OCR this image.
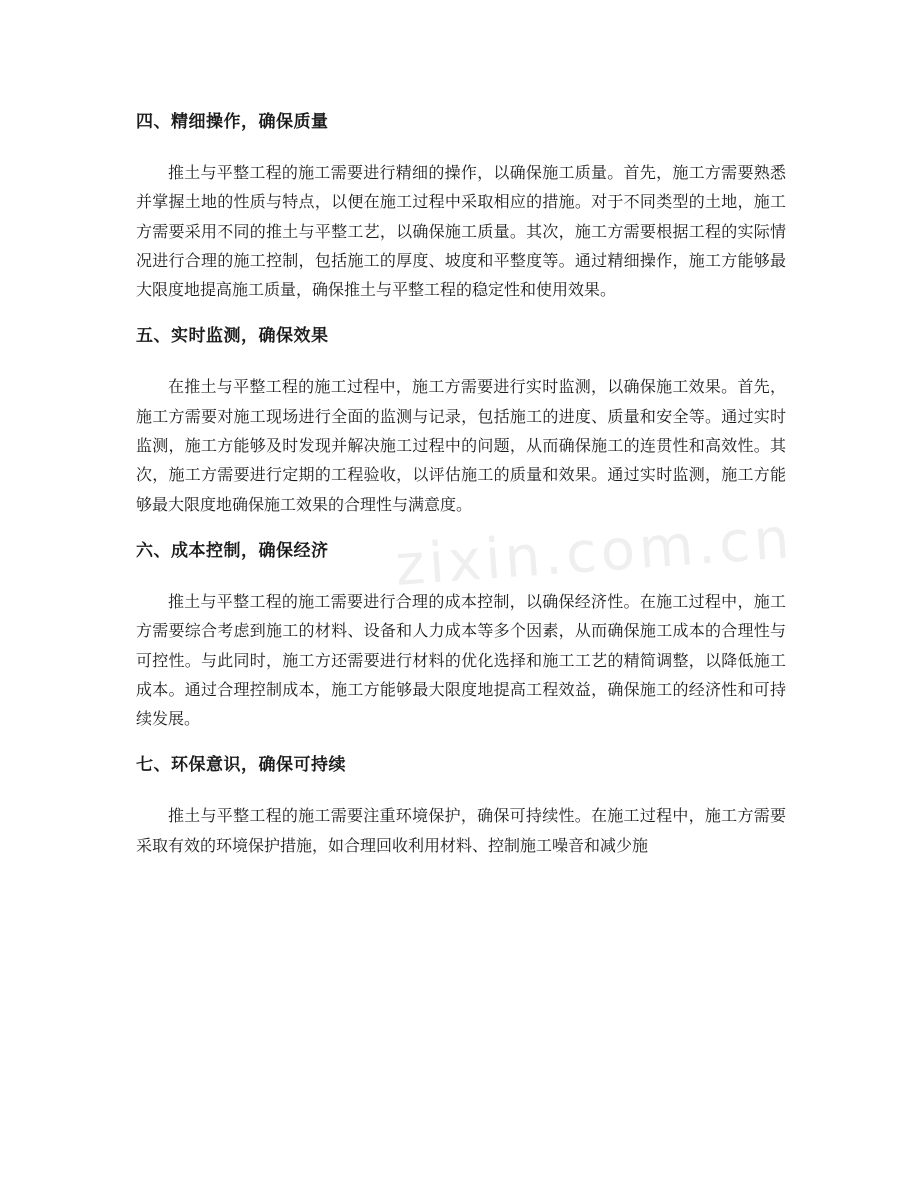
四、精细操作，确保质量

推土与平整工程的施工需要进行精细的操作，以确保施工质量。首先，施工方需要熟悉并掌握土地的性质与特点，以便在施工过程中采取相应的措施。对于不同类型的土地，施工方需要采用不同的推土与平整工艺，以确保施工质量。其次，施工方需要根据工程的实际情况进行合理的施工控制，包括施工的厚度、坡度和平整度等。通过精细操作，施工方能够最大限度地提高施工质量，确保推土与平整工程的稳定性和使用效果。

五、实时监测，确保效果

在推土与平整工程的施工过程中，施工方需要进行实时监测，以确保施工效果。首先，施工方需要对施工现场进行全面的监测与记录，包括施工的进度、质量和安全等。通过实时监测，施工方能够及时发现并解决施工过程中的问题，从而确保施工的连贯性和高效性。其次，施工方需要进行定期的工程验收，以评估施工的质量和效果。通过实时监测，施工方能够最大限度地确保施工效果的合理性与满意度。

六、成本控制，确保经济

推土与平整工程的施工需要进行合理的成本控制，以确保经济性。在施工过程中，施工方需要综合考虑到施工的材料、设备和人力成本等多个因素，从而确保施工成本的合理性与可控性。与此同时，施工方还需要进行材料的优化选择和施工工艺的精简调整，以降低施工成本。通过合理控制成本，施工方能够最大限度地提高工程效益，确保施工的经济性和可持续发展。

七、环保意识，确保可持续

推土与平整工程的施工需要注重环境保护，确保可持续性。在施工过程中，施工方需要采取有效的环境保护措施，如合理回收利用材料、控制施工噪音和减少施

zixin.com.cn
